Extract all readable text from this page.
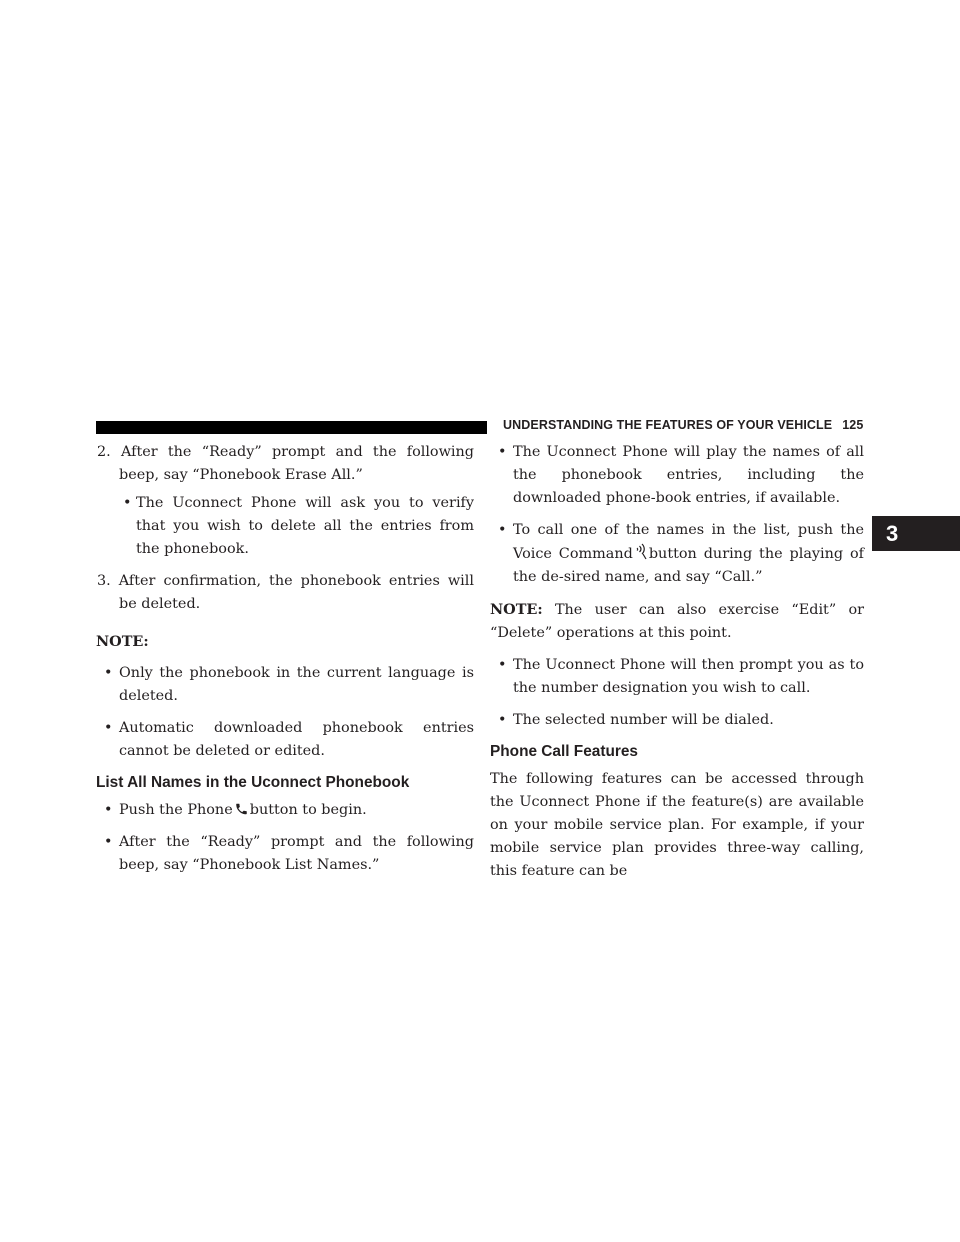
UNDERSTANDING THE FEATURES OF YOUR VEHICLE 125
3

2. After the “Ready” prompt and the following beep, say “Phonebook Erase All.”

• The Uconnect Phone will ask you to verify that you wish to delete all the entries from the phonebook.

3. After confirmation, the phonebook entries will be deleted.

NOTE:

• Only the phonebook in the current language is deleted.

• Automatic downloaded phonebook entries cannot be deleted or edited.

List All Names in the Uconnect Phonebook

• Push the Phone button to begin.

• After the “Ready” prompt and the following beep, say “Phonebook List Names.”

• The Uconnect Phone will play the names of all the phonebook entries, including the downloaded phone-book entries, if available.

• To call one of the names in the list, push the Voice Command button during the playing of the de-sired name, and say “Call.”

NOTE: The user can also exercise “Edit” or “Delete” operations at this point.

• The Uconnect Phone will then prompt you as to the number designation you wish to call.

• The selected number will be dialed.

Phone Call Features

The following features can be accessed through the Uconnect Phone if the feature(s) are available on your mobile service plan. For example, if your mobile service plan provides three-way calling, this feature can be
